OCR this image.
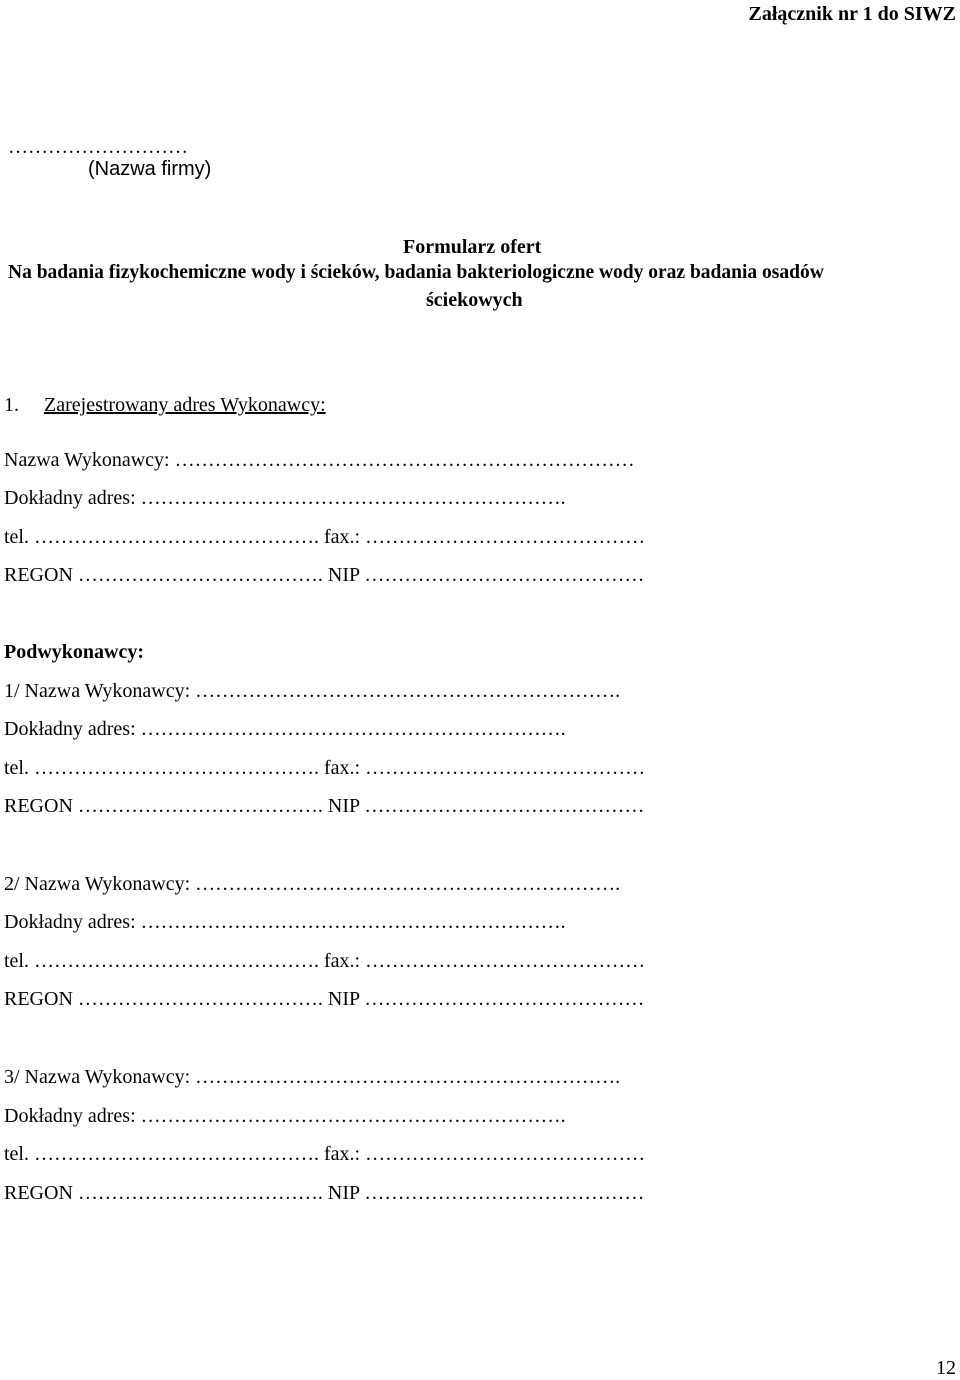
Załącznik nr 1 do SIWZ
………………………
(Nazwa firmy)
Formularz ofert
Na badania fizykochemiczne wody i ścieków, badania bakteriologiczne wody oraz badania osadów
ściekowych
1. Zarejestrowany adres Wykonawcy:
Nazwa Wykonawcy: ……………………………………………………………
Dokładny adres: ……………………………………………………….
tel. ……………………………………. fax.: ……………………………………
REGON ………………………………. NIP ……………………………………
Podwykonawcy:
1/ Nazwa Wykonawcy: ……………………………………………………….
Dokładny adres: ……………………………………………………….
tel. ……………………………………. fax.: ……………………………………
REGON ………………………………. NIP ……………………………………
2/ Nazwa Wykonawcy: ……………………………………………………….
Dokładny adres: ……………………………………………………….
tel. ……………………………………. fax.: ……………………………………
REGON ………………………………. NIP ……………………………………
3/ Nazwa Wykonawcy: ……………………………………………………….
Dokładny adres: ……………………………………………………….
tel. ……………………………………. fax.: ……………………………………
REGON ………………………………. NIP ……………………………………
12
